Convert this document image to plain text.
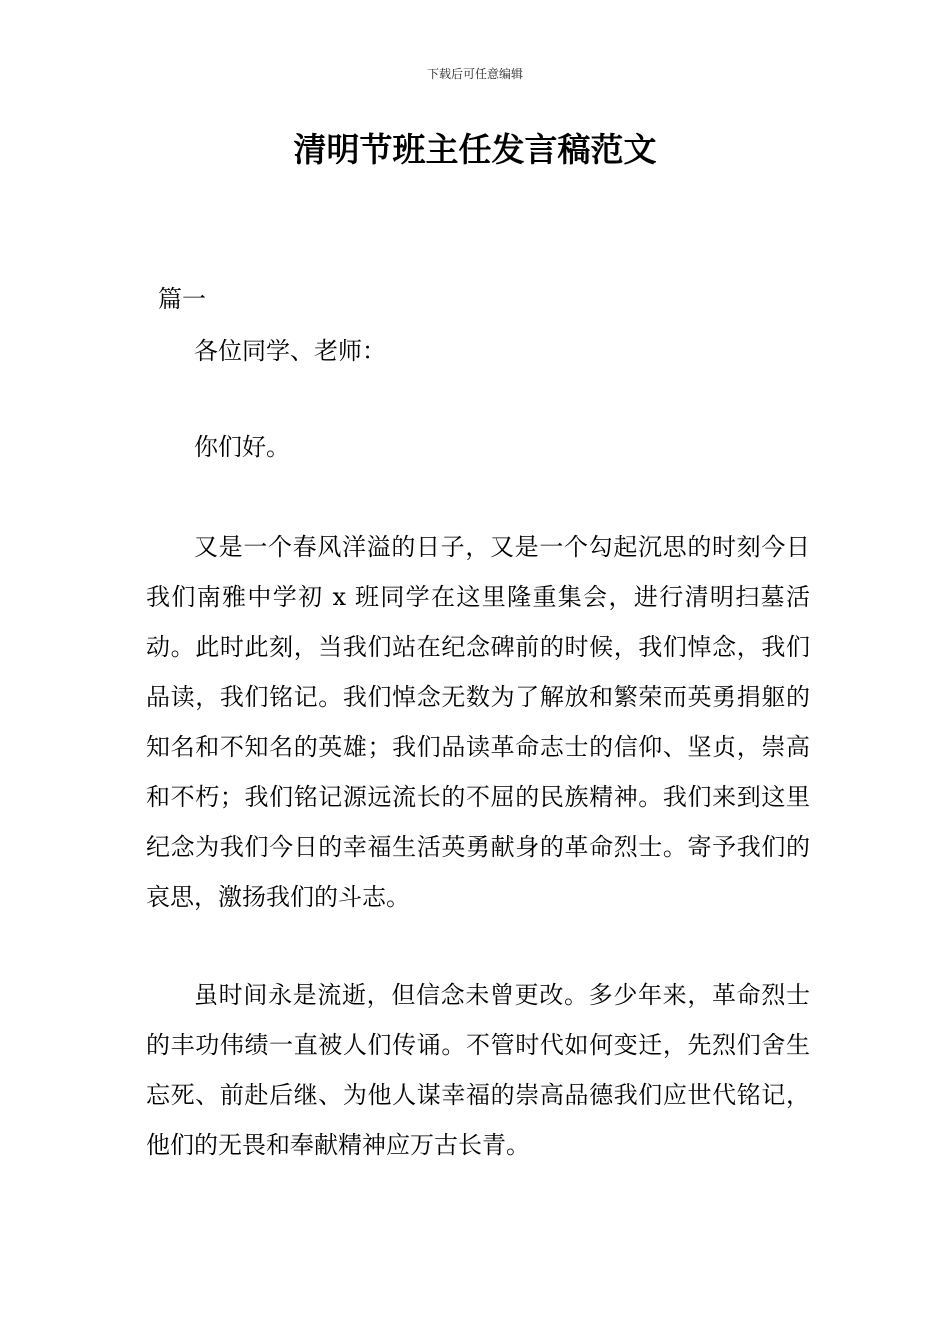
下载后可任意编辑
清明节班主任发言稿范文
篇一

各位同学、老师：

你们好。

又是一个春风洋溢的日子，又是一个勾起沉思的时刻今日我们南雅中学初 x 班同学在这里隆重集会，进行清明扫墓活动。此时此刻，当我们站在纪念碑前的时候，我们悼念，我们品读，我们铭记。我们悼念无数为了解放和繁荣而英勇捐躯的知名和不知名的英雄；我们品读革命志士的信仰、坚贞，崇高和不朽；我们铭记源远流长的不屈的民族精神。我们来到这里纪念为我们今日的幸福生活英勇献身的革命烈士。寄予我们的哀思，激扬我们的斗志。

虽时间永是流逝，但信念未曾更改。多少年来，革命烈士的丰功伟绩一直被人们传诵。不管时代如何变迁，先烈们舍生忘死、前赴后继、为他人谋幸福的崇高品德我们应世代铭记，他们的无畏和奉献精神应万古长青。
